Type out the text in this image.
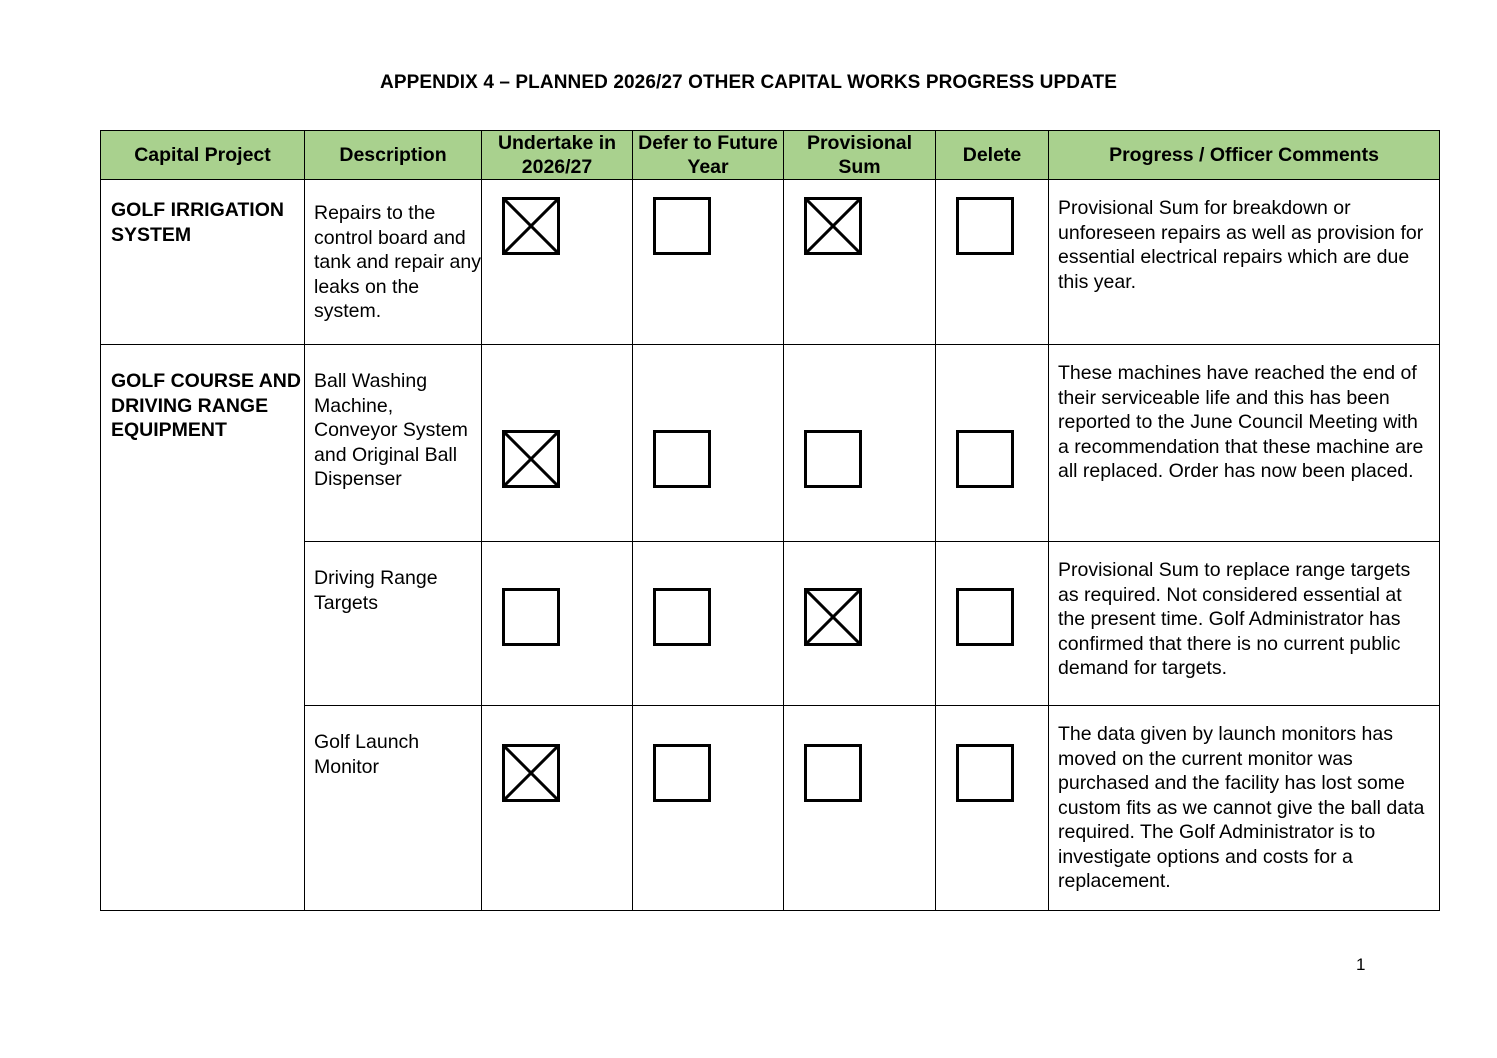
APPENDIX 4 – PLANNED 2026/27 OTHER CAPITAL WORKS PROGRESS UPDATE
Capital Project	Description	Undertake in 2026/27	Defer to Future Year	Provisional Sum	Delete	Progress / Officer Comments

GOLF IRRIGATION SYSTEM	Repairs to the control board and tank and repair any leaks on the system.					Provisional Sum for breakdown or unforeseen repairs as well as provision for essential electrical repairs which are due this year.

GOLF COURSE AND DRIVING RANGE EQUIPMENT	Ball Washing Machine, Conveyor System and Original Ball Dispenser					These machines have reached the end of their serviceable life and this has been reported to the June Council Meeting with a recommendation that these machine are all replaced. Order has now been placed.

	Driving Range Targets					Provisional Sum to replace range targets as required. Not considered essential at the present time. Golf Administrator has confirmed that there is no current public demand for targets.

	Golf Launch Monitor					The data given by launch monitors has moved on the current monitor was purchased and the facility has lost some custom fits as we cannot give the ball data required. The Golf Administrator is to investigate options and costs for a replacement.
1
